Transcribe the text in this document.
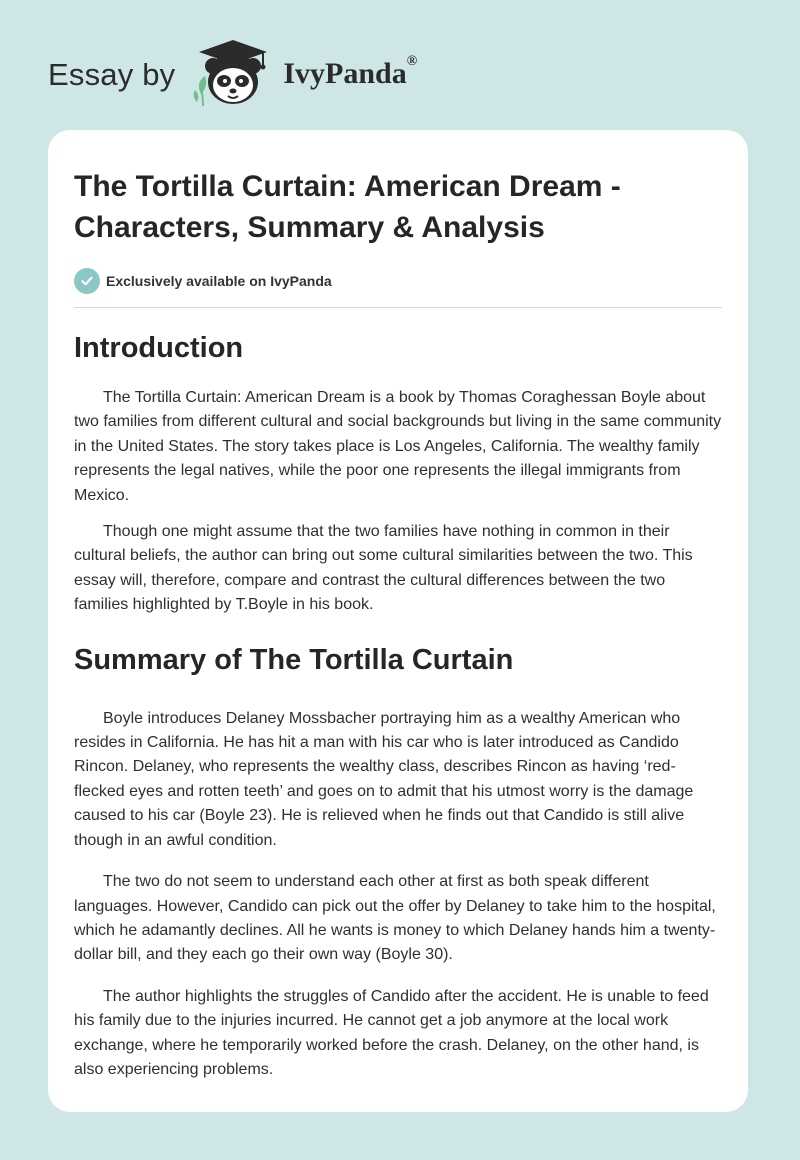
Essay by	IvyPanda®
The Tortilla Curtain: American Dream - Characters, Summary & Analysis
Exclusively available on IvyPanda
Introduction

The Tortilla Curtain: American Dream is a book by Thomas Coraghessan Boyle about two families from different cultural and social backgrounds but living in the same community in the United States. The story takes place is Los Angeles, California. The wealthy family represents the legal natives, while the poor one represents the illegal immigrants from Mexico.

Though one might assume that the two families have nothing in common in their cultural beliefs, the author can bring out some cultural similarities between the two. This essay will, therefore, compare and contrast the cultural differences between the two families highlighted by T.Boyle in his book.

Summary of The Tortilla Curtain

Boyle introduces Delaney Mossbacher portraying him as a wealthy American who resides in California. He has hit a man with his car who is later introduced as Candido Rincon. Delaney, who represents the wealthy class, describes Rincon as having ‘red-flecked eyes and rotten teeth’ and goes on to admit that his utmost worry is the damage caused to his car (Boyle 23). He is relieved when he finds out that Candido is still alive though in an awful condition.

The two do not seem to understand each other at first as both speak different languages. However, Candido can pick out the offer by Delaney to take him to the hospital, which he adamantly declines. All he wants is money to which Delaney hands him a twenty-dollar bill, and they each go their own way (Boyle 30).

The author highlights the struggles of Candido after the accident. He is unable to feed his family due to the injuries incurred. He cannot get a job anymore at the local work exchange, where he temporarily worked before the crash. Delaney, on the other hand, is also experiencing problems.
